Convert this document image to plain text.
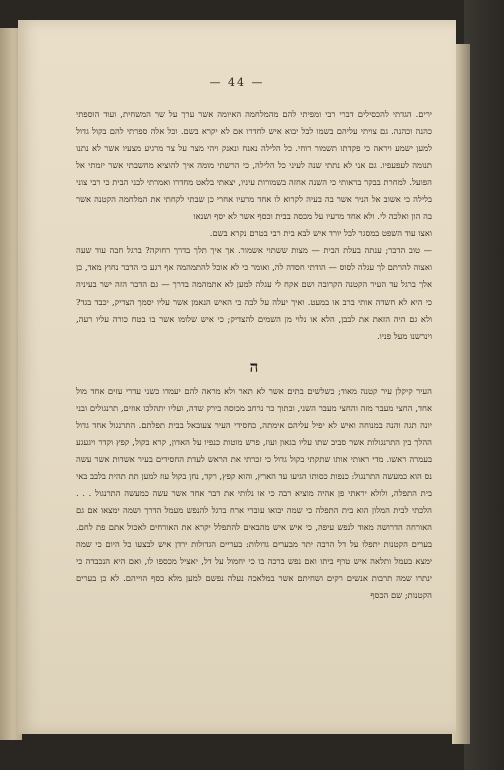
— 44 —

ירים. הגדתי להכסילים דברי רבי ומפיתי להם מהמלחמה האיומה אשר ערך על שר המשחית, ועוד הוספתי כהנה וכהנה. גם צויתי עליהם בשמו לבל יבוא איש לחדרו אם לא יקרא בשם. וכל אלה ספרתי להם בקול גדול למען ישמע ויראה כי פקדתו תשמור רוחי. כל הלילה נאנח ונאנק ויהי מצר על צר מרגיע מצעיו אשר לא נתנו תנומה לעפעפיו. גם אני לא נתתי שנה לעיני כל הלילה, כי הרשתי מומה איך להוציא מחשבתי אשר יזמתי אל הפועל. למחרת בבקר בראותי כי השנה אחזה בשמורות עיניו, יצאתי בלאט מחדרו ואמרתי לבני הבית כי רבי צוני בלילה כי אשוב אל הניר אשר בה בעיה לקרוא לו אחד מרעיו אחרי כן שבתי לקחתי את המלחמה הקטנה אשר בה הון ואלכה לי. ולא אחד מרעיו על מכסה בבית וכסף אשר לא יסף ושנאו

ואצו עוד השפט במסגר לבל יורד איש לבא בית רבי בטרם נקרא בשם.

— טוב הדבר; ענתה בעלת הבית — מצות ששתוי אשמור. אך איך תלך בדרך רחוקה? ברגל חבה עוד שעה ואצוה להרתם לך עגלה לסוס — הודתי חסדה לה, ואומר כי לא אוכל להתמהמה אף רגע כי הדבר נחוץ מאד, כן אלך ברגל עד העיר הקטנה הקרובה ושם אקח לי עגלה למען לא אתמהמה בדרך — גם הדבר הזה ישר בעיניה כי היא לא חשדה אותי ברב או במעט. ואיך יעלה על לבה כי האיש הנאמן אשר עליו יסמך הצדיק, יכבד בגד? ולא גם היה הזאת את לבבן, הלא או נלוי מן השמים להצדיק; כי איש שלומו אשר בו בטח כורה עליו רעה, וינרשנו מעל פניו.

ה

העיר קיקלן עיר קטנה מאוד; כשלשים בתים אשר לא תאר ולא מראה להם יעמדו כשני עדרי עזים אחד מול אחד, החצי מעבר מזה והחצי מעבר השני, ובתוך כר נרחב מכוסה בירק שדה, ועליו יתהלכו אוזים, תרנגולים ובני יונה תגה והנה במנוחה ואיש לא יפיל עליהם אימתה, כחסידי העיר צעובאל בבית תפלתם. התרנגול אחד גדול ההלך בין התרנגולות אשר סביב שתו עליו בגאון ועוז, פרש מוטות כנפיו על האדון, קרא בקול, קפץ וקדר ויגעגע בעמרה ראשו. מדי ראותי אותו שתקתי בקול גדול כי זכרתי את הראש לעדת החסידים בעיר אשדות אשר עשה נס הוא כמעשה התרנגול: כנפות כסותו הגיעו עד הארץ, והוא קפץ, רקד, נחן בקול עוז למען תת תהית בלבב באי בית התפלה, ולולא יראתי פן אהיה מוציא רבה כי או נלותי את דבר אחד אשר עשה כמעשה התרנגול . . . הלכתי לבית המלון הוא בית התפלה כי שמה יבואו עוברי ארח ברגל להנפש מעמל הדרך ושמה ימצאו אם גם האורחה הדרושה מאוד לנפש עיפה, כי איש איש מהבאים להתפלל יקרא את האורחים לאכול אתם פת לחם. בערים הקטנות יתפלו על דל הרבה יתר מבערים גדולות: בעריים הגדולות ירדן איש לבצעו כל היום כי שמה ימצא בעמל ותלאה איש טרף ביתו ואם נפש ברכה בו כי יחמול על דל, יאציל מכספו לו, ואם היא הנכבדה כי ינתרו שמה תרבות אנשים רקים ושחיתם אשר במלאכה נעלה נפשם למען מלא כסף הוייהם. לא כן בערים הקטנות; שם הכסף
